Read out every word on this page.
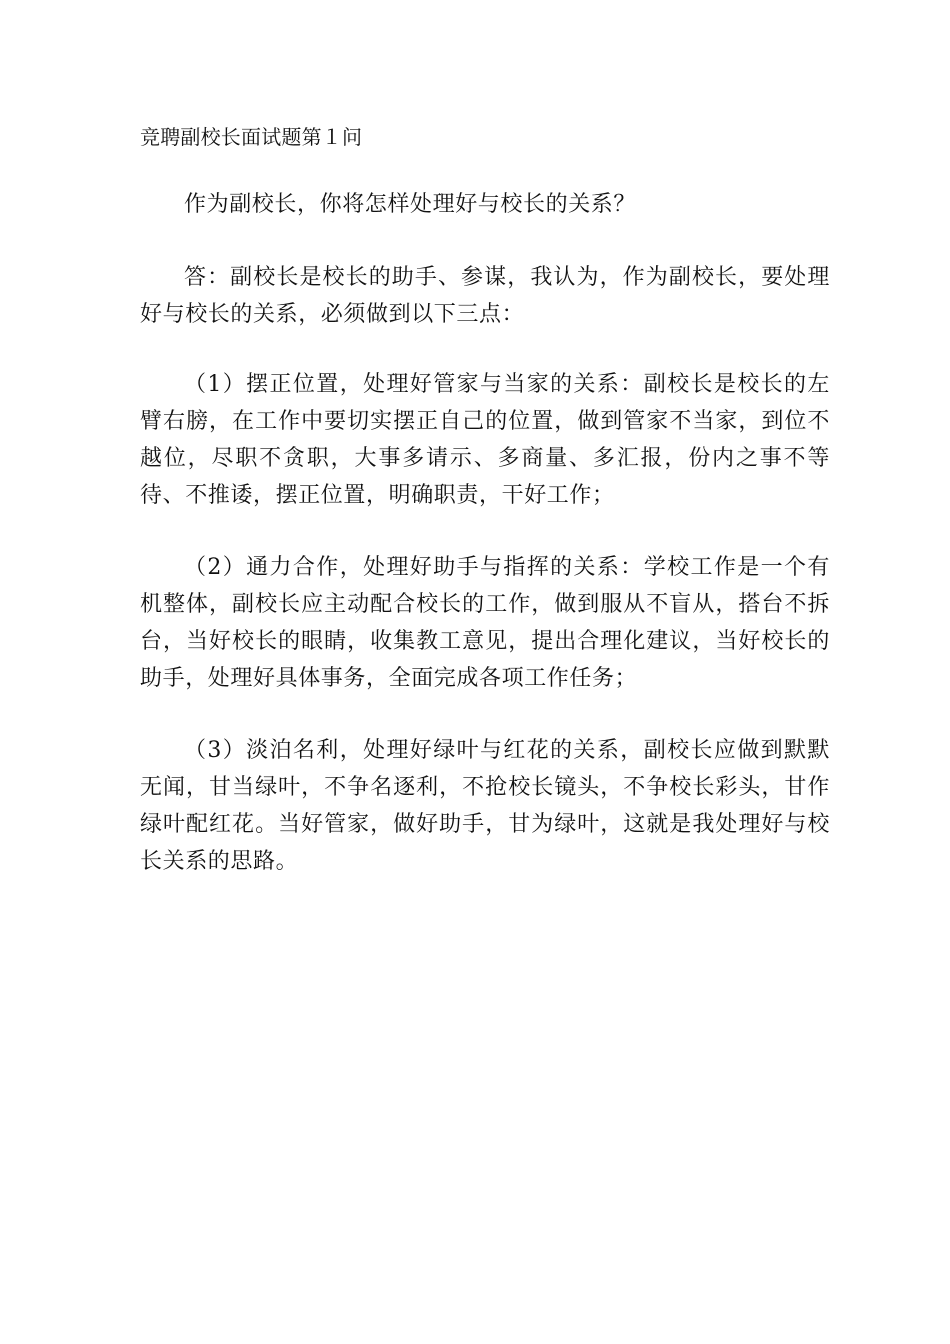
竞聘副校长面试题第１问

作为副校长，你将怎样处理好与校长的关系？

答：副校长是校长的助手、参谋，我认为，作为副校长，要处理好与校长的关系，必须做到以下三点：

（1）摆正位置，处理好管家与当家的关系：副校长是校长的左臂右膀，在工作中要切实摆正自己的位置，做到管家不当家，到位不越位，尽职不贪职，大事多请示、多商量、多汇报，份内之事不等待、不推诿，摆正位置，明确职责，干好工作；

（2）通力合作，处理好助手与指挥的关系：学校工作是一个有机整体，副校长应主动配合校长的工作，做到服从不盲从，搭台不拆台，当好校长的眼睛，收集教工意见，提出合理化建议，当好校长的助手，处理好具体事务，全面完成各项工作任务；

（3）淡泊名利，处理好绿叶与红花的关系，副校长应做到默默无闻，甘当绿叶，不争名逐利，不抢校长镜头，不争校长彩头，甘作绿叶配红花。当好管家，做好助手，甘为绿叶，这就是我处理好与校长关系的思路。
